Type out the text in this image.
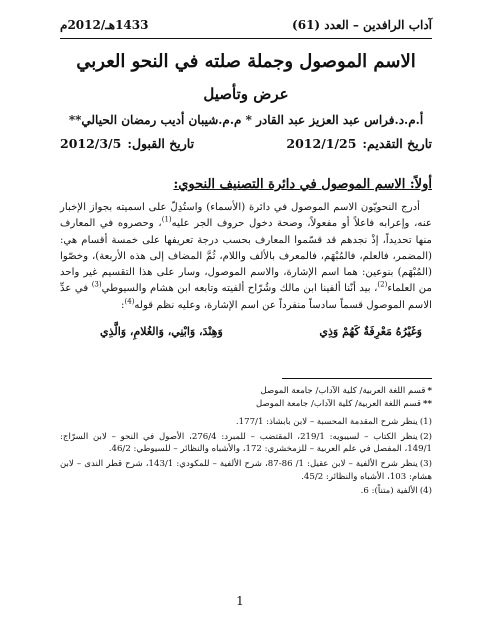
آداب الرافدين – العدد (61)
1433هـ/2012م
الاسم الموصول وجملة صلته في النحو العربي
عرض وتأصيل
أ.م.د.فراس عبد العزيز عبد القادر * م.م.شيبان أديب رمضان الحيالي**
تاريخ التقديم:2012/1/25
تاريخ القبول:2012/3/5
أولاً: الاسم الموصول في دائرة التصنيف النحوي:

أدرج النحويّون الاسم الموصول في دائرة (الأسماء) واستُدِلّ على اسميته بجواز الإخبار عنه، وإعرابه فاعلاً أو مفعولاً، وصحة دخول حروف الجر عليه$^{(1)}$، وحصروه في المعارف منها تحديداً، إذْ نجدهم قد قسّموا المعارف بحسب درجة تعريفها على خمسة أقسام هي: (المضمر، فالعلم، فالمُبْهَم، فالمعرف بالألف واللام، ثُمَّ المضاف إلى هذه الأربعة)، وخصّوا (المُبْهَم) بنوعين: هما اسم الإشارة، والاسم الموصول، وسار على هذا التقسيم غير واحد من العلماء$^{(2)}$، بيد أنّنا ألفينا ابن مالك وشُرّاح ألفيته وتابعه ابن هشام والسيوطي$^{(3)}$ في عدِّ الاسم الموصول قسماً سادساً منفرداً عن اسم الإشارة، وعليه نظم قوله$^{(4)}$:

وَغَيْرُهُ مَعْرِفَةٌ كَهُمْ وَذِي
وَهِنْدَ، وَابْنِي، وَالغُلامِ، وَالَّذِي
*قسم اللغة العربية/ كلية الآداب/ جامعة الموصل
**قسم اللغة العربية/ كلية الآداب/ جامعة الموصل
(1)ينظر شرح المقدمة المحسبة – لابن بابشاذ: 177/1.
(2)ينظر الكتاب – لسيبويه: 219/1، المقتضب – للمبرد: 276/4، الأصول في النحو – لابن السرّاج: 149/1، المفصل في علم العربية – للزمخشري: 172، والأشباه والنظائر – للسيوطي: 46/2.
(3)ينظر شرح الألفية – لابن عقيل: 1/ 86-87، شرح الألفية – للمكودي: 143/1، شرح قطر الندى – لابن هشام: 103، الأشباه والنظائر: 45/2.
(4)الألفية (متناً): 6.
1
